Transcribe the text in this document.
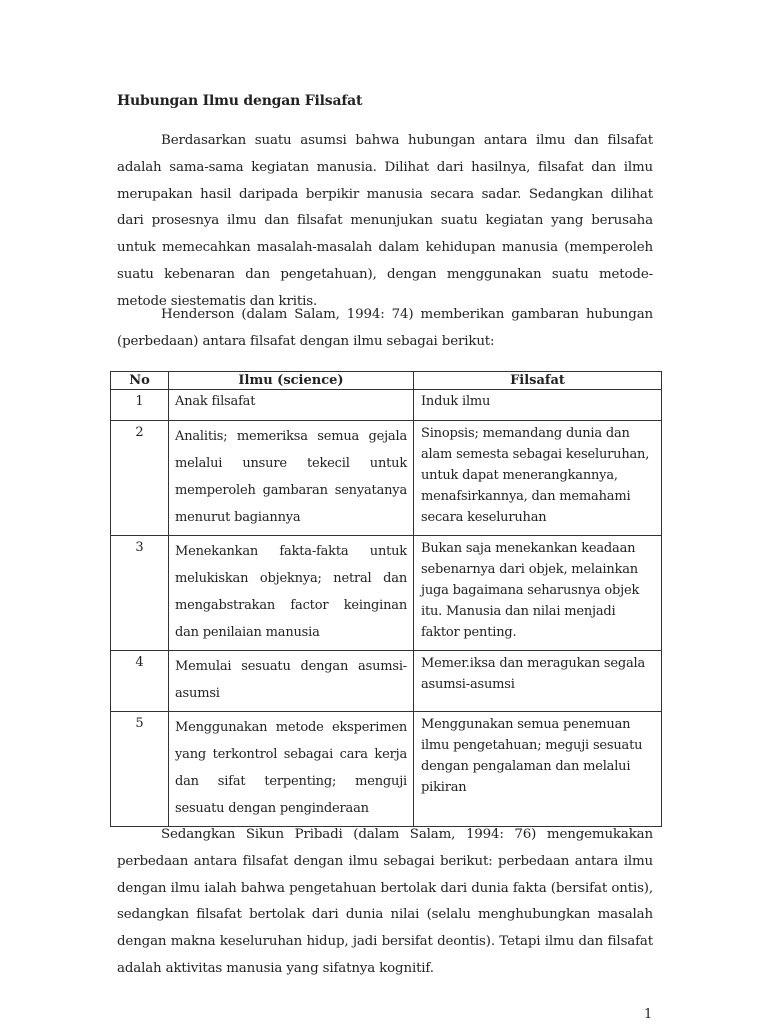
Hubungan Ilmu dengan Filsafat

Berdasarkan suatu asumsi bahwa hubungan antara ilmu dan filsafat adalah sama-sama kegiatan manusia. Dilihat dari hasilnya, filsafat dan ilmu merupakan hasil daripada berpikir manusia secara sadar. Sedangkan dilihat dari prosesnya ilmu dan filsafat menunjukan suatu kegiatan yang berusaha untuk memecahkan masalah-masalah dalam kehidupan manusia (memperoleh suatu kebenaran dan pengetahuan), dengan menggunakan suatu metode-metode siestematis dan kritis.

Henderson (dalam Salam, 1994: 74) memberikan gambaran hubungan (perbedaan) antara filsafat dengan ilmu sebagai berikut:

No	Ilmu (science)	Filsafat
1	Anak filsafat	Induk ilmu
2	Analitis; memeriksa semua gejala melalui unsure tekecil untuk memperoleh gambaran senyatanya menurut bagiannya	Sinopsis; memandang dunia dan alam semesta sebagai keseluruhan, untuk dapat menerangkannya, menafsirkannya, dan memahami secara keseluruhan
3	Menekankan fakta-fakta untuk melukiskan objeknya; netral dan mengabstrakan factor keinginan dan penilaian manusia	Bukan saja menekankan keadaan sebenarnya dari objek, melainkan juga bagaimana seharusnya objek itu. Manusia dan nilai menjadi faktor penting.
4	Memulai sesuatu dengan asumsi-asumsi	Memer.iksa dan meragukan segala asumsi-asumsi
5	Menggunakan metode eksperimen yang terkontrol sebagai cara kerja dan sifat terpenting; menguji sesuatu dengan penginderaan	Menggunakan semua penemuan ilmu pengetahuan; meguji sesuatu dengan pengalaman dan melalui pikiran

Sedangkan Sikun Pribadi (dalam Salam, 1994: 76) mengemukakan perbedaan antara filsafat dengan ilmu sebagai berikut: perbedaan antara ilmu dengan ilmu ialah bahwa pengetahuan bertolak dari dunia fakta (bersifat ontis), sedangkan filsafat bertolak dari dunia nilai (selalu menghubungkan masalah dengan makna keseluruhan hidup, jadi bersifat deontis). Tetapi ilmu dan filsafat adalah aktivitas manusia yang sifatnya kognitif.

1
